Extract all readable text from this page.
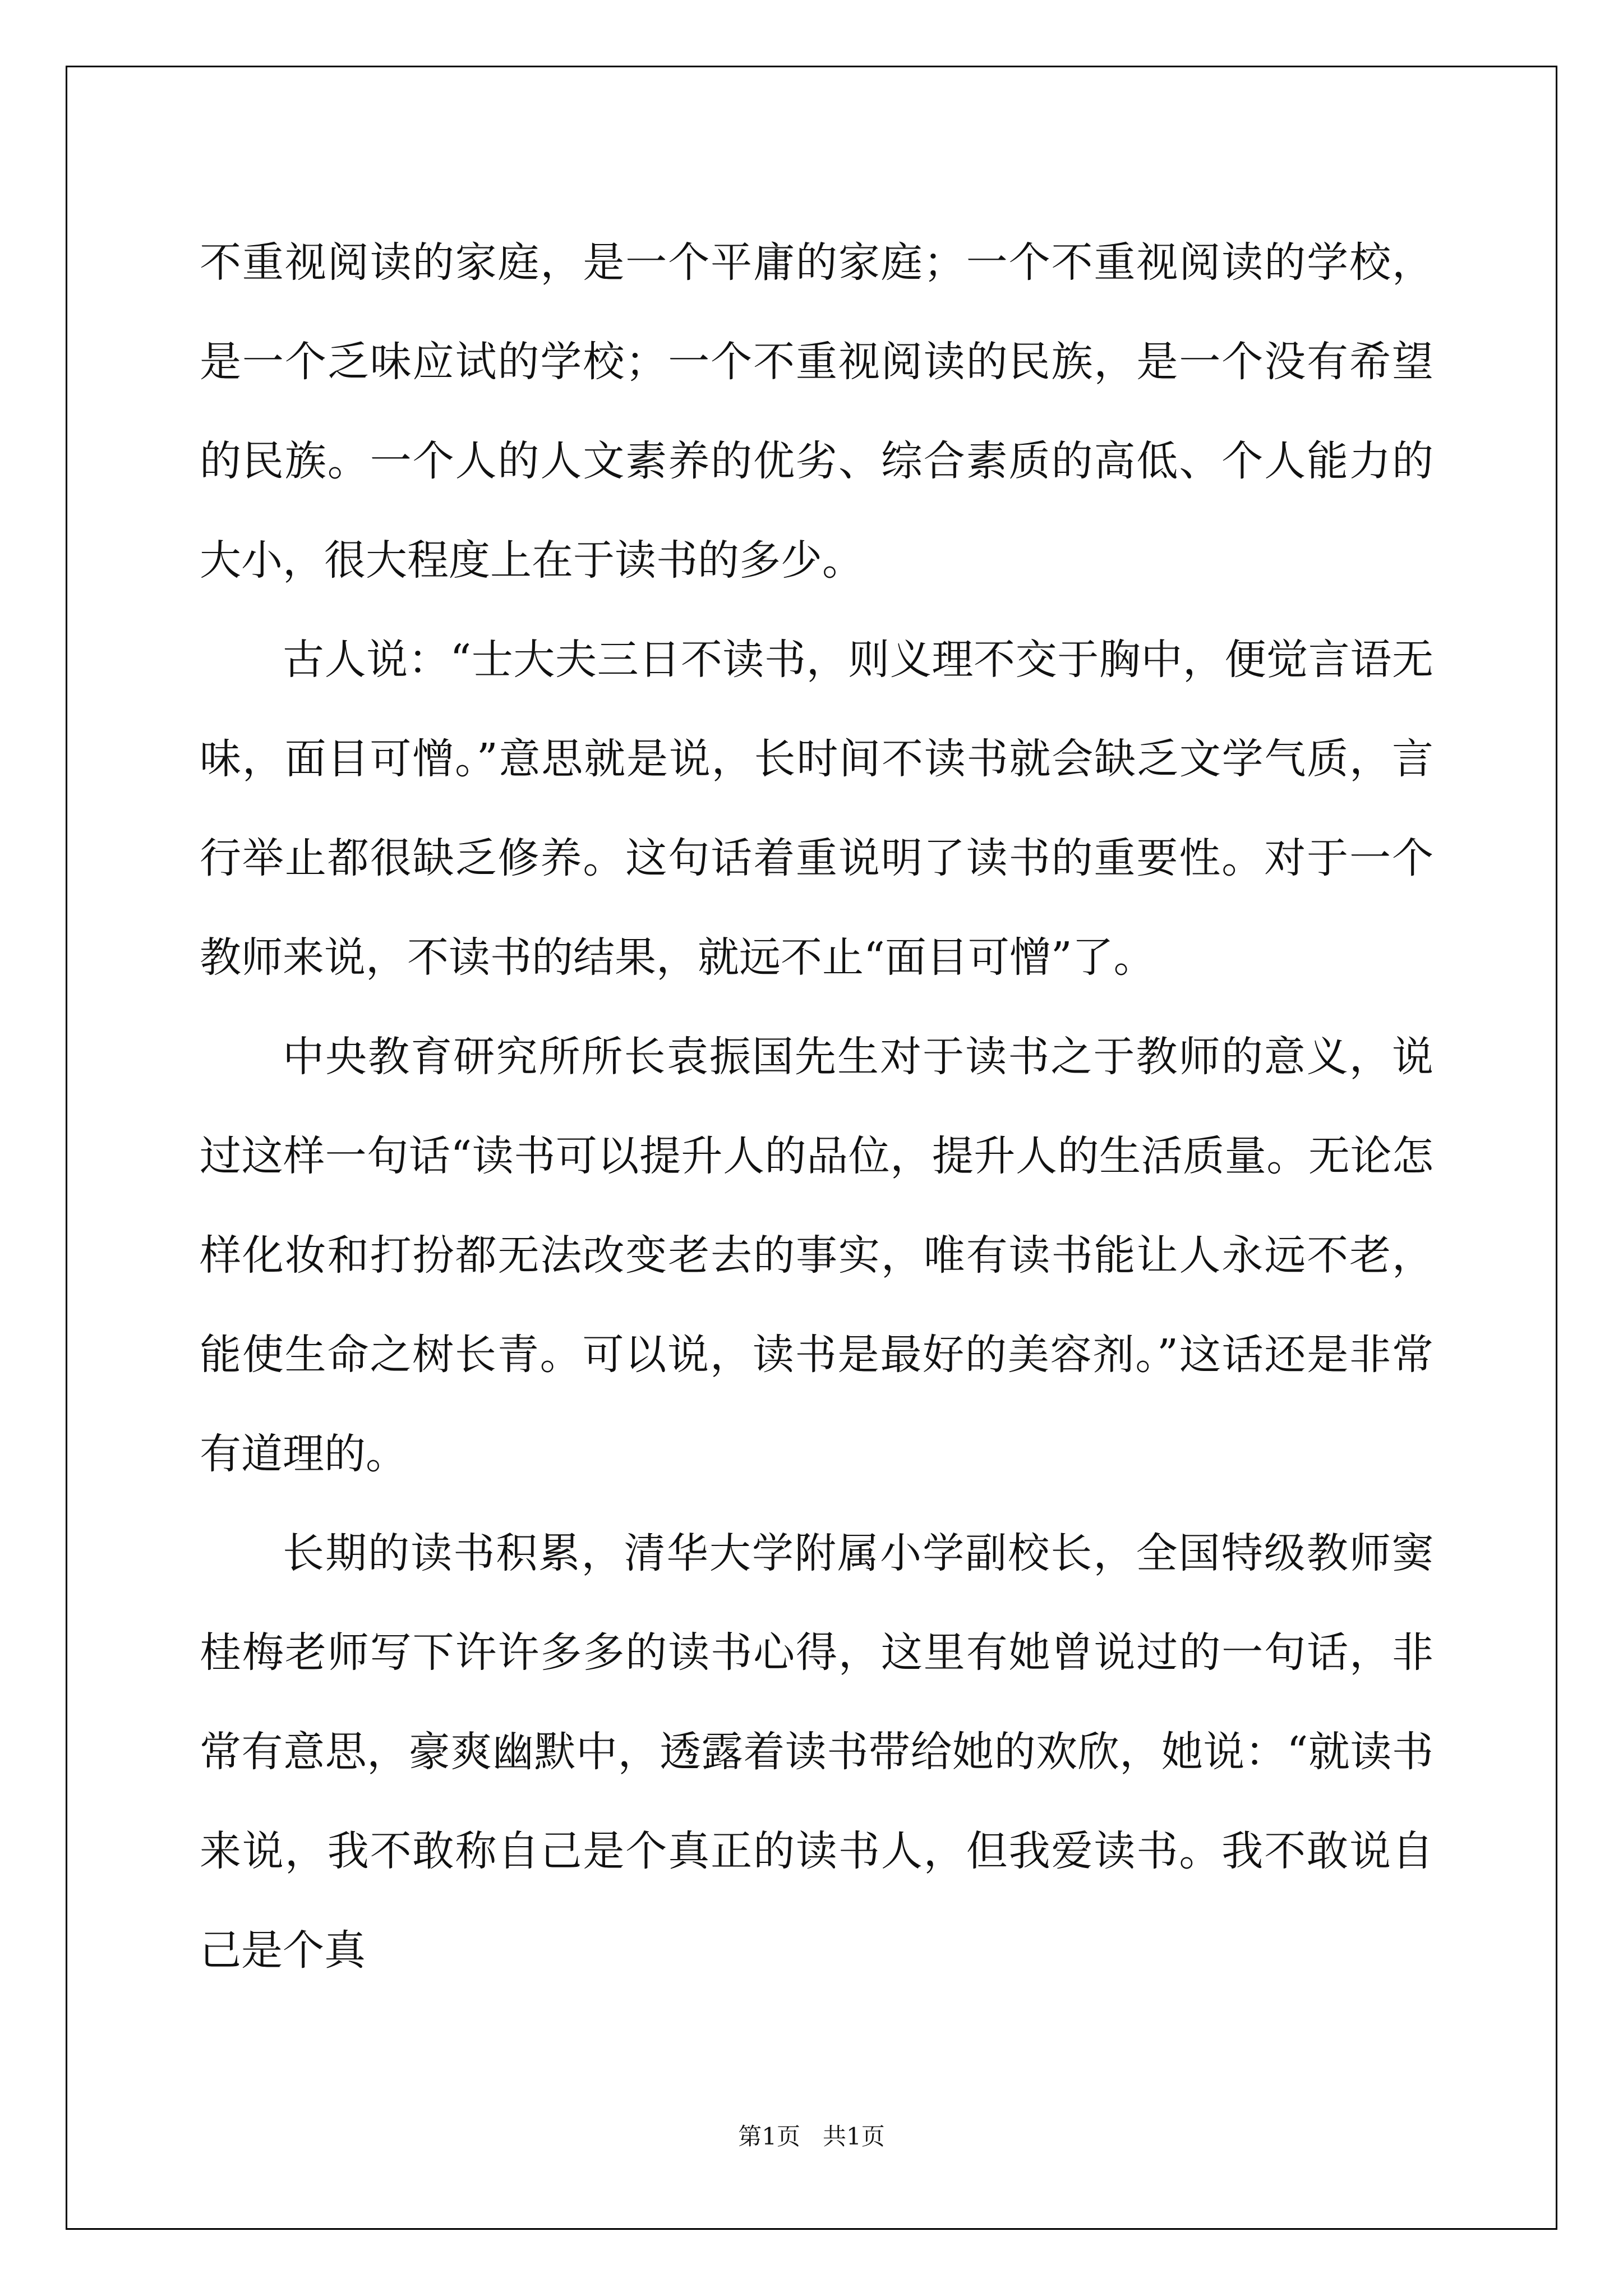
不重视阅读的家庭，是一个平庸的家庭；一个不重视阅读的学校，是一个乏味应试的学校；一个不重视阅读的民族，是一个没有希望的民族。一个人的人文素养的优劣、综合素质的高低、个人能力的大小，很大程度上在于读书的多少。

古人说：“士大夫三日不读书，则义理不交于胸中，便觉言语无味，面目可憎。”意思就是说，长时间不读书就会缺乏文学气质，言行举止都很缺乏修养。这句话着重说明了读书的重要性。对于一个教师来说，不读书的结果，就远不止“面目可憎”了。

中央教育研究所所长袁振国先生对于读书之于教师的意义，说过这样一句话“读书可以提升人的品位，提升人的生活质量。无论怎样化妆和打扮都无法改变老去的事实，唯有读书能让人永远不老，能使生命之树长青。可以说，读书是最好的美容剂。”这话还是非常有道理的。

长期的读书积累，清华大学附属小学副校长，全国特级教师窦桂梅老师写下许许多多的读书心得，这里有她曾说过的一句话，非常有意思，豪爽幽默中，透露着读书带给她的欢欣，她说：“就读书来说，我不敢称自己是个真正的读书人，但我爱读书。我不敢说自己是个真

第1页   共1页
